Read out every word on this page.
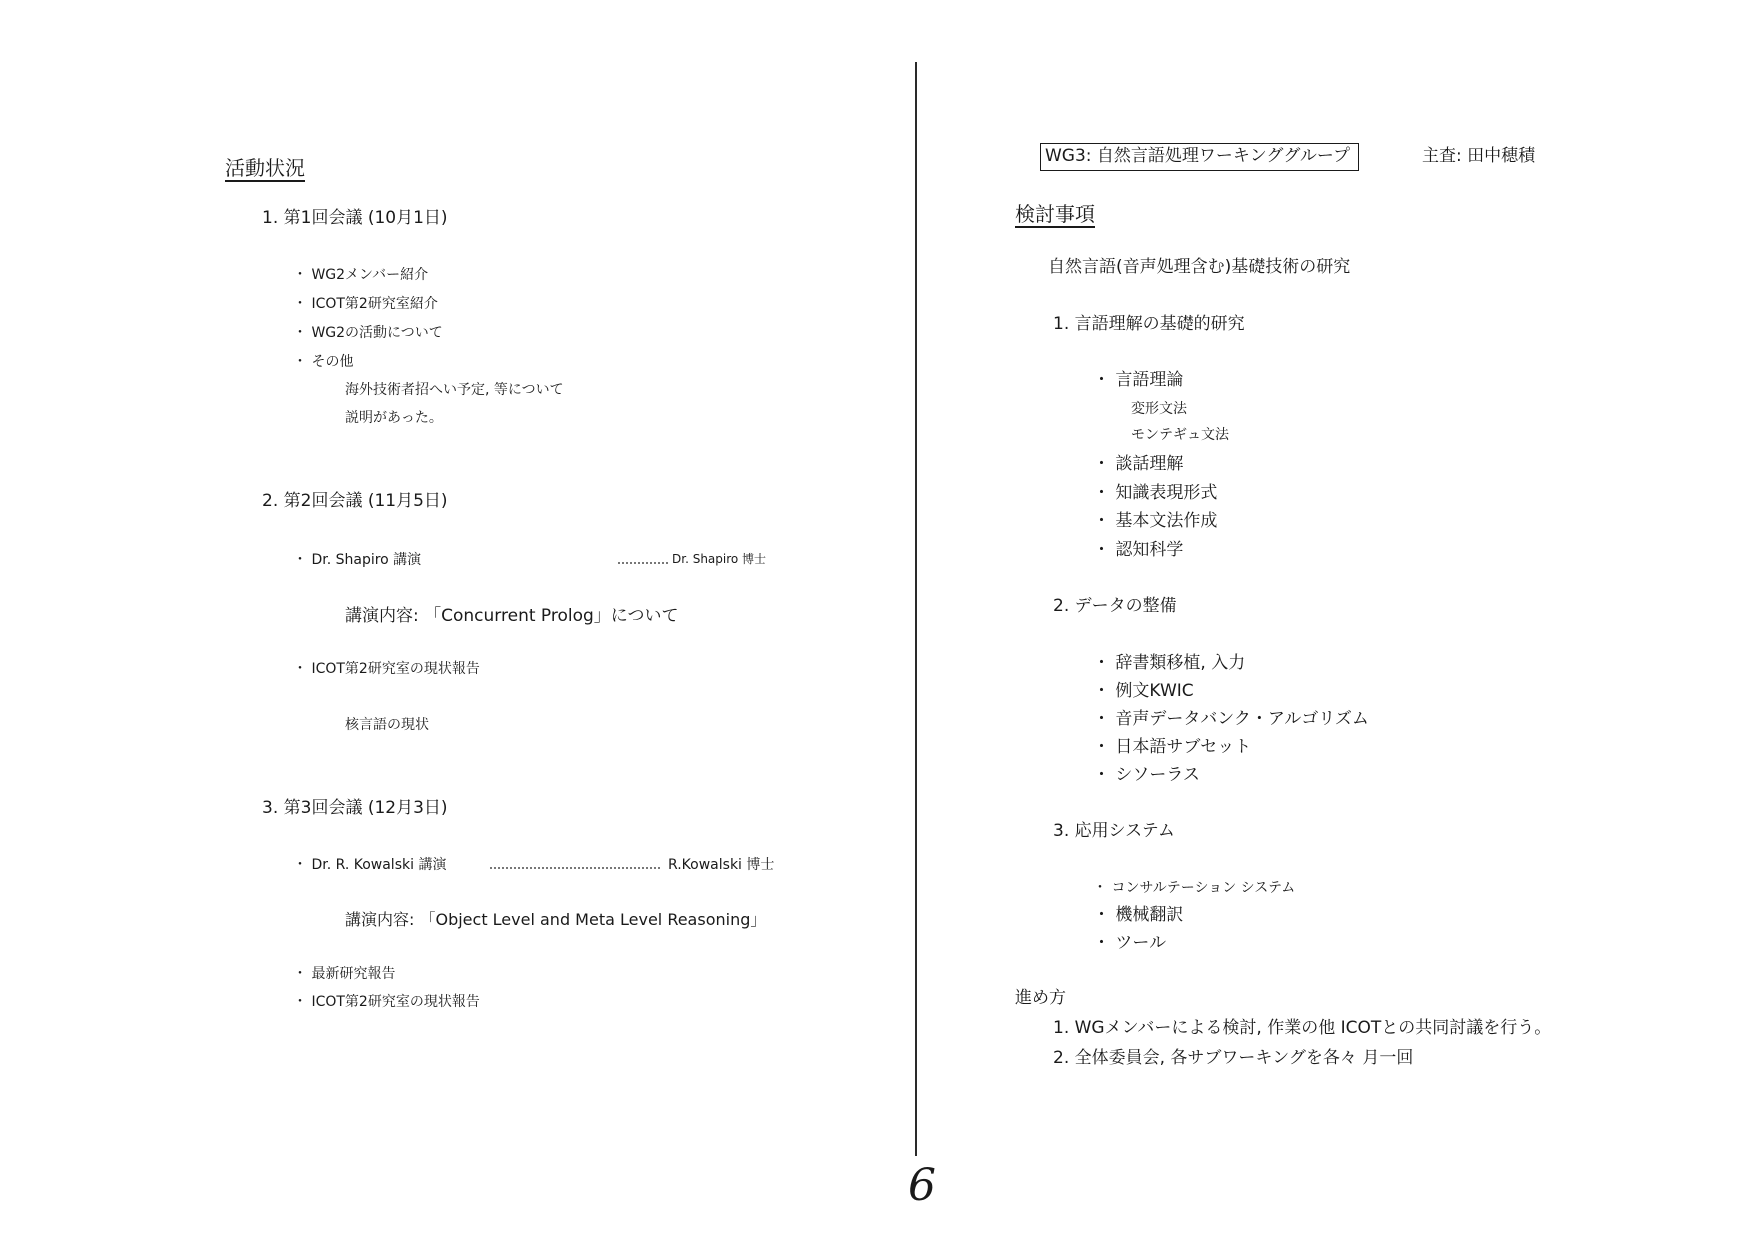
活動状況
1. 第1回会議 (10月1日)
・ WG2メンバー紹介
・ ICOT第2研究室紹介
・ WG2の活動について
・ その他
海外技術者招へい予定, 等について
説明があった。
2. 第2回会議 (11月5日)
・ Dr. Shapiro 講演	Dr. Shapiro 博士
講演内容: 「Concurrent Prolog」について
・ ICOT第2研究室の現状報告
核言語の現状
3. 第3回会議 (12月3日)
・ Dr. R. Kowalski 講演	R.Kowalski 博士
講演内容: 「Object Level and Meta Level Reasoning」
・ 最新研究報告
・ ICOT第2研究室の現状報告
6
WG3: 自然言語処理ワーキンググループ	主査: 田中穂積
検討事項
自然言語(音声処理含む)基礎技術の研究
1. 言語理解の基礎的研究
・ 言語理論
変形文法
モンテギュ文法
・ 談話理解
・ 知識表現形式
・ 基本文法作成
・ 認知科学
2. データの整備
・ 辞書類移植, 入力
・ 例文KWIC
・ 音声データバンク・アルゴリズム
・ 日本語サブセット
・ シソーラス
3. 応用システム
・ コンサルテーション システム
・ 機械翻訳
・ ツール
進め方
1. WGメンバーによる検討, 作業の他 ICOTとの共同討議を行う。
2. 全体委員会, 各サブワーキングを各々 月一回
